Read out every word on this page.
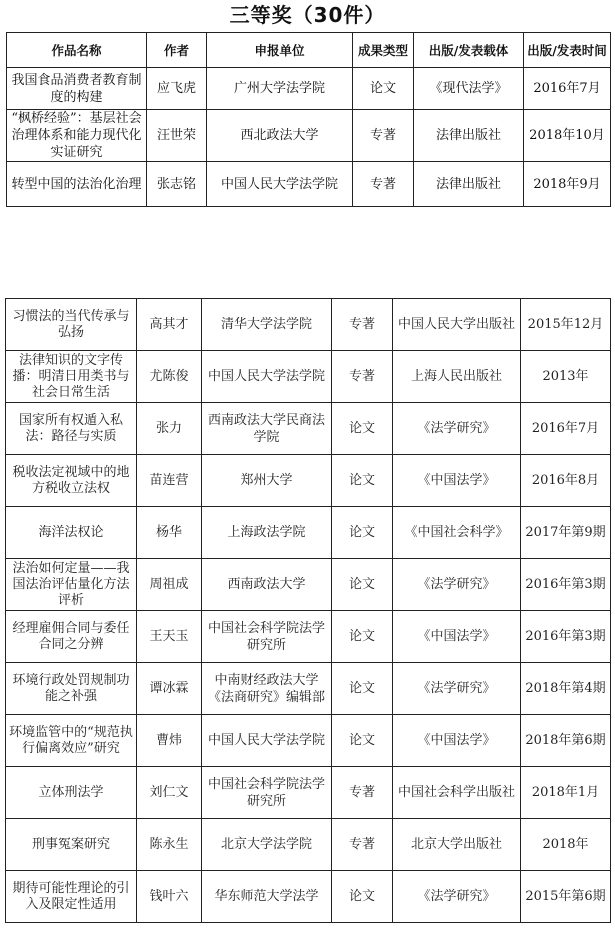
三等奖（30件）
作品名称	作者	申报单位	成果类型	出版/发表载体	出版/发表时间
我国食品消费者教育制度的构建	应飞虎	广州大学法学院	论文	《现代法学》	2016年7月
“枫桥经验”：基层社会治理体系和能力现代化实证研究	汪世荣	西北政法大学	专著	法律出版社	2018年10月
转型中国的法治化治理	张志铭	中国人民大学法学院	专著	法律出版社	2018年9月
习惯法的当代传承与弘扬	高其才	清华大学法学院	专著	中国人民大学出版社	2015年12月
法律知识的文字传播：明清日用类书与社会日常生活	尤陈俊	中国人民大学法学院	专著	上海人民出版社	2013年
国家所有权遁入私法：路径与实质	张力	西南政法大学民商法学院	论文	《法学研究》	2016年7月
税收法定视域中的地方税收立法权	苗连营	郑州大学	论文	《中国法学》	2016年8月
海洋法权论	杨华	上海政法学院	论文	《中国社会科学》	2017年第9期
法治如何定量——我国法治评估量化方法评析	周祖成	西南政法大学	论文	《法学研究》	2016年第3期
经理雇佣合同与委任合同之分辨	王天玉	中国社会科学院法学研究所	论文	《中国法学》	2016年第3期
环境行政处罚规制功能之补强	谭冰霖	中南财经政法大学《法商研究》编辑部	论文	《法学研究》	2018年第4期
环境监管中的“规范执行偏离效应”研究	曹炜	中国人民大学法学院	论文	《中国法学》	2018年第6期
立体刑法学	刘仁文	中国社会科学院法学研究所	专著	中国社会科学出版社	2018年1月
刑事冤案研究	陈永生	北京大学法学院	专著	北京大学出版社	2018年
期待可能性理论的引入及限定性适用	钱叶六	华东师范大学法学	论文	《法学研究》	2015年第6期
